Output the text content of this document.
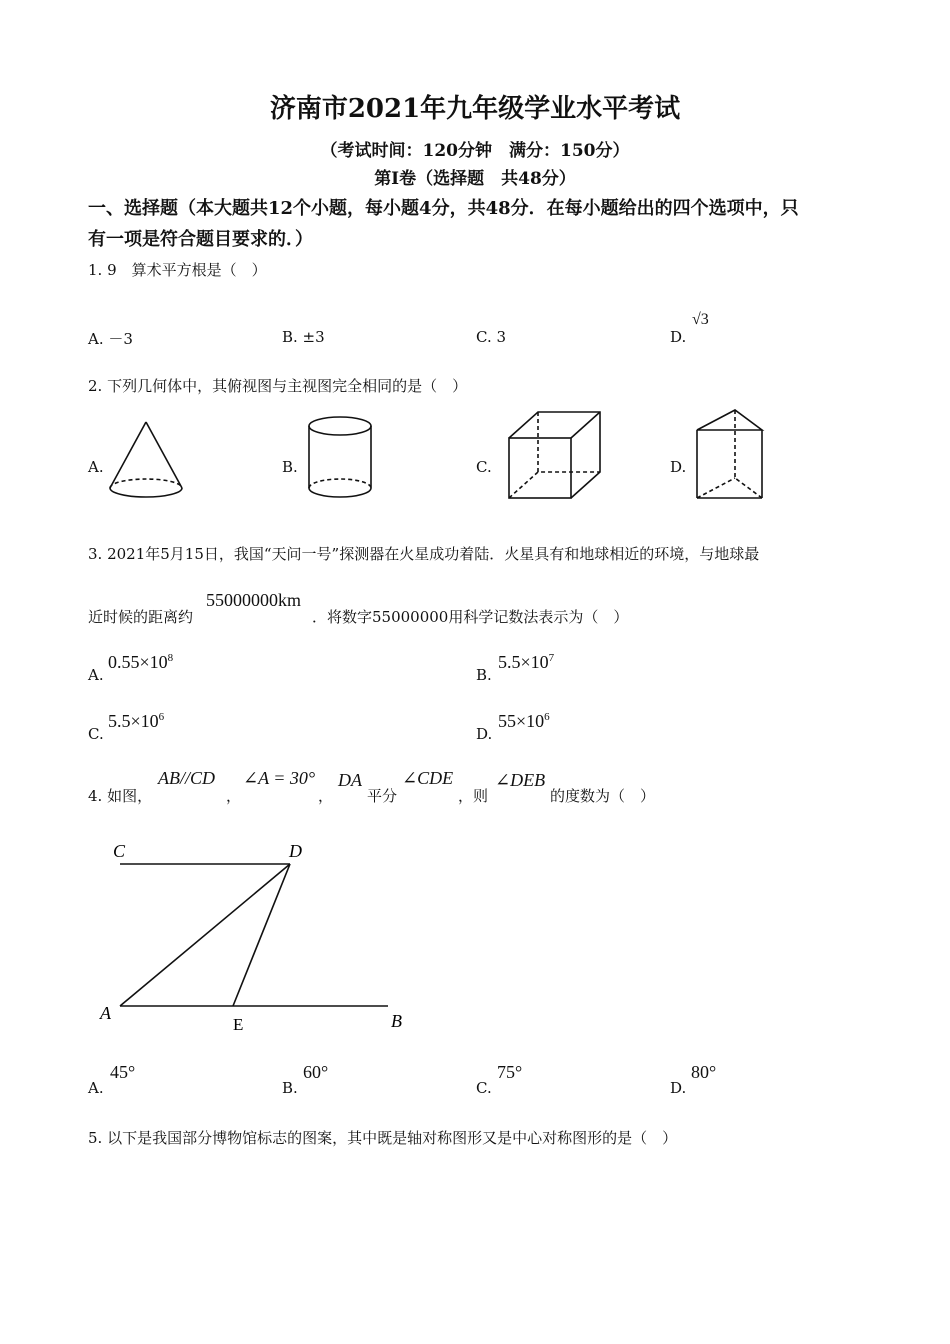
济南市2021年九年级学业水平考试
（考试时间：120分钟　满分：150分）
第Ⅰ卷（选择题　共48分）
一、选择题（本大题共12个小题，每小题4分，共48分．在每小题给出的四个选项中，只
有一项是符合题目要求的．）
1. 9　算术平方根是（　）
A. －3	B. ±3	C. 3	D.
√3
2. 下列几何体中，其俯视图与主视图完全相同的是（　）
A.	B.	C.	D.
3. 2021年5月15日，我国“天问一号”探测器在火星成功着陆．火星具有和地球相近的环境，与地球最
近时候的距离约
55000000km
．将数字55000000用科学记数法表示为（　）
A.
$0.55\times 10^8$
B.
$5.5\times 10^7$
C.
$5.5\times 10^6$
D.
$55\times 10^6$
4. 如图，
AB//CD
，
∠A = 30°
，
DA
平分
∠CDE
，则
∠DEB
的度数为（　）
C	D
A
E	B
A.
45°
B.
60°
C.
75°
D.
80°
5. 以下是我国部分博物馆标志的图案，其中既是轴对称图形又是中心对称图形的是（　）
